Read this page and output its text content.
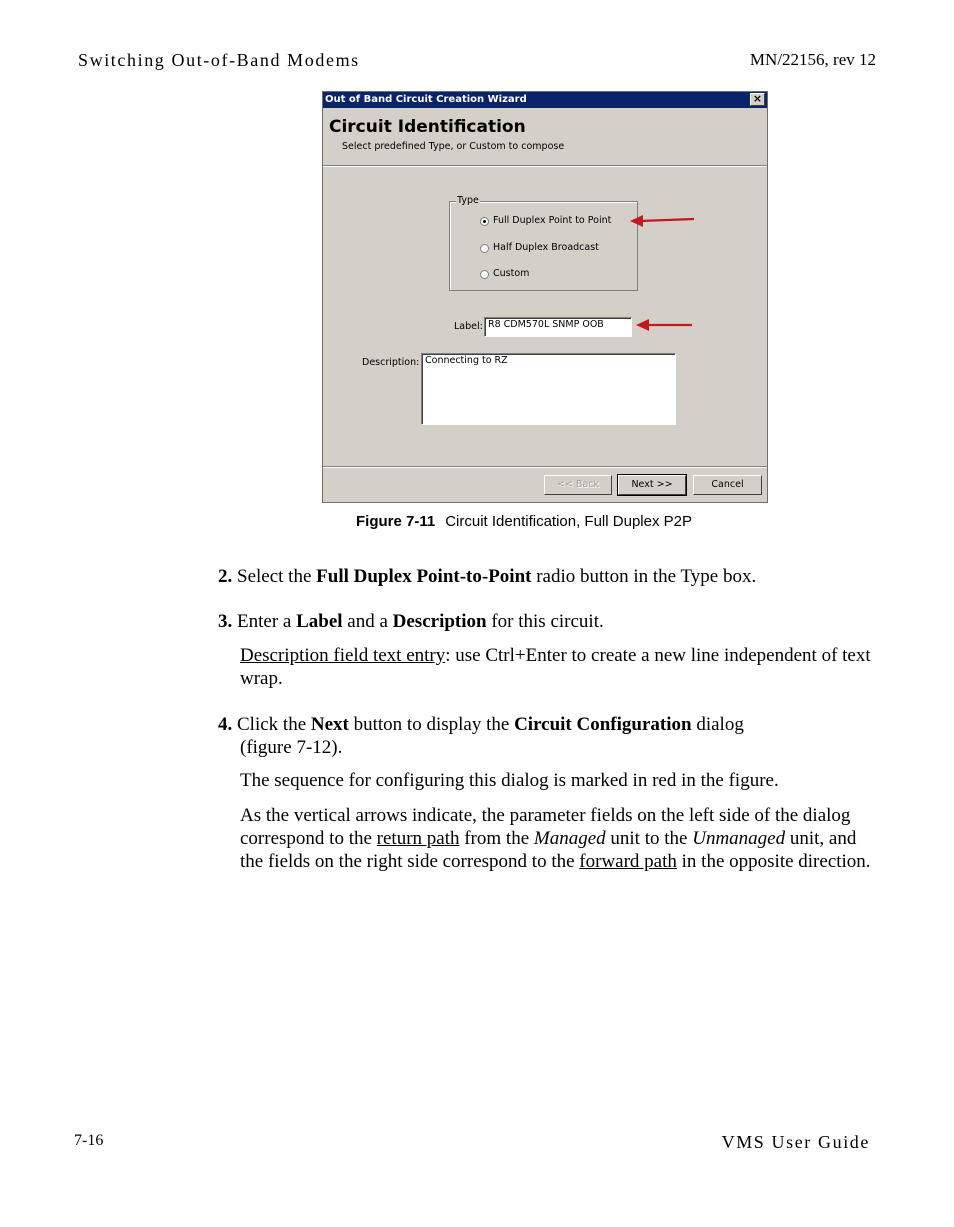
Switching Out-of-Band Modems	MN/22156, rev 12
Out of Band Circuit Creation Wizard	×
Circuit Identification
Select predefined Type, or Custom to compose
Type
Full Duplex Point to Point
Half Duplex Broadcast
Custom
Label: R8 CDM570L SNMP OOB
Description: Connecting to RZ
<< Back	Next >>	Cancel
Figure 7-11 Circuit Identification, Full Duplex P2P
2. Select the Full Duplex Point-to-Point radio button in the Type box.
3. Enter a Label and a Description for this circuit.
Description field text entry: use Ctrl+Enter to create a new line independent of text wrap.
4. Click the Next button to display the Circuit Configuration dialog
(figure 7-12).
The sequence for configuring this dialog is marked in red in the figure.
As the vertical arrows indicate, the parameter fields on the left side of the dialog correspond to the return path from the Managed unit to the Unmanaged unit, and the fields on the right side correspond to the forward path in the opposite direction.
7-16	VMS User Guide
